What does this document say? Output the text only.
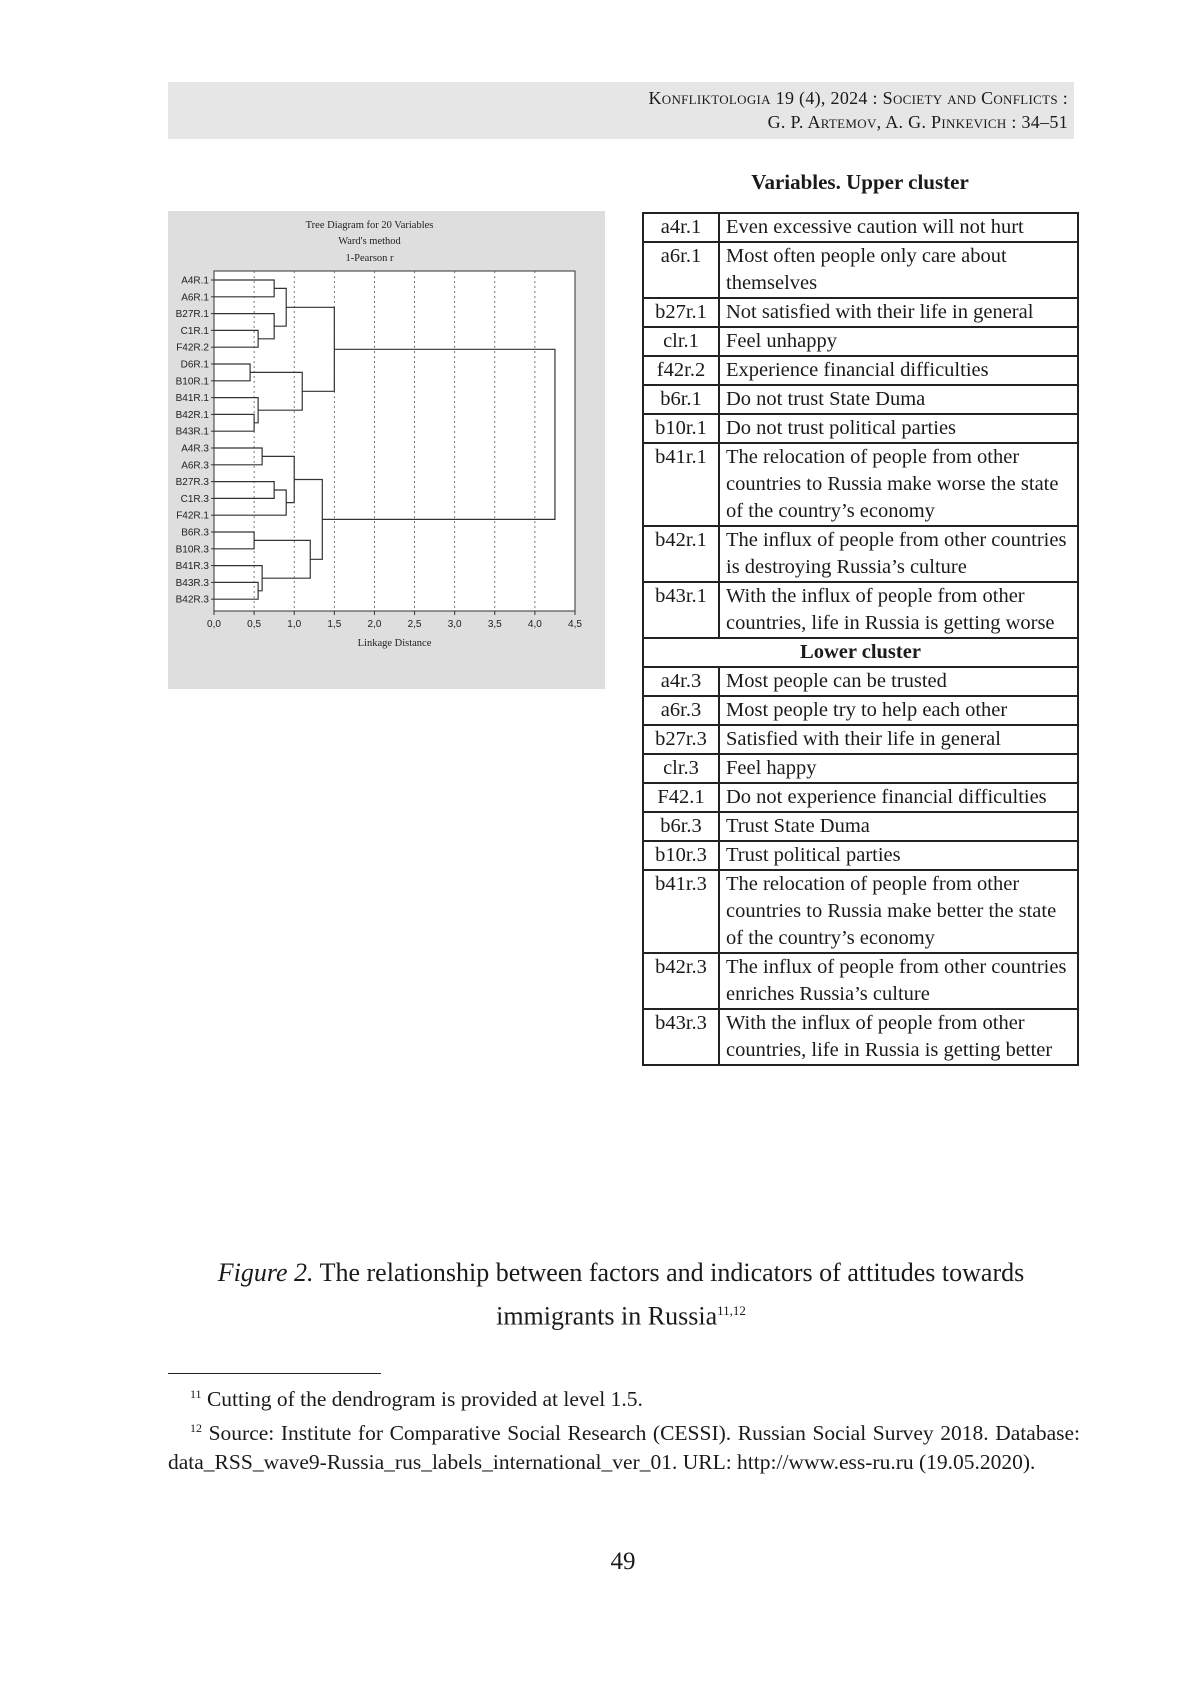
Konfliktologia 19 (4), 2024 : Society and Conflicts :
G. P. Artemov, A. G. Pinkevich : 34–51
Tree Diagram for 20 Variables
Ward's method
1-Pearson r
0,0	0,5	1,0	1,5	2,0	2,5	3,0	3,5	4,0	4,5
Linkage Distance
A4R.1
A6R.1
B27R.1
C1R.1
F42R.2
D6R.1
B10R.1
B41R.1
B42R.1
B43R.1
A4R.3
A6R.3
B27R.3
C1R.3
F42R.1
B6R.3
B10R.3
B41R.3
B43R.3
B42R.3
Variables. Upper cluster
a4r.1	Even excessive caution will not hurt
a6r.1	Most often people only care about themselves
b27r.1	Not satisfied with their life in general
clr.1	Feel unhappy
f42r.2	Experience financial difficulties
b6r.1	Do not trust State Duma
b10r.1	Do not trust political parties
b41r.1	The relocation of people from other countries to Russia make worse the state of the country’s economy
b42r.1	The influx of people from other countries is destroying Russia’s culture
b43r.1	With the influx of people from other countries, life in Russia is getting worse
Lower cluster
a4r.3	Most people can be trusted
a6r.3	Most people try to help each other
b27r.3	Satisfied with their life in general
clr.3	Feel happy
F42.1	Do not experience financial difficulties
b6r.3	Trust State Duma
b10r.3	Trust political parties
b41r.3	The relocation of people from other countries to Russia make better the state of the country’s economy
b42r.3	The influx of people from other countries enriches Russia’s culture
b43r.3	With the influx of people from other countries, life in Russia is getting better
Figure 2. The relationship between factors and indicators of attitudes towards immigrants in Russia11,12

11 Cutting of the dendrogram is provided at level 1.5.

12 Source: Institute for Comparative Social Research (CESSI). Russian Social Survey 2018. Database: data_RSS_wave9-Russia_rus_labels_international_ver_01. URL: http://www.ess-ru.ru (19.05.2020).

49
